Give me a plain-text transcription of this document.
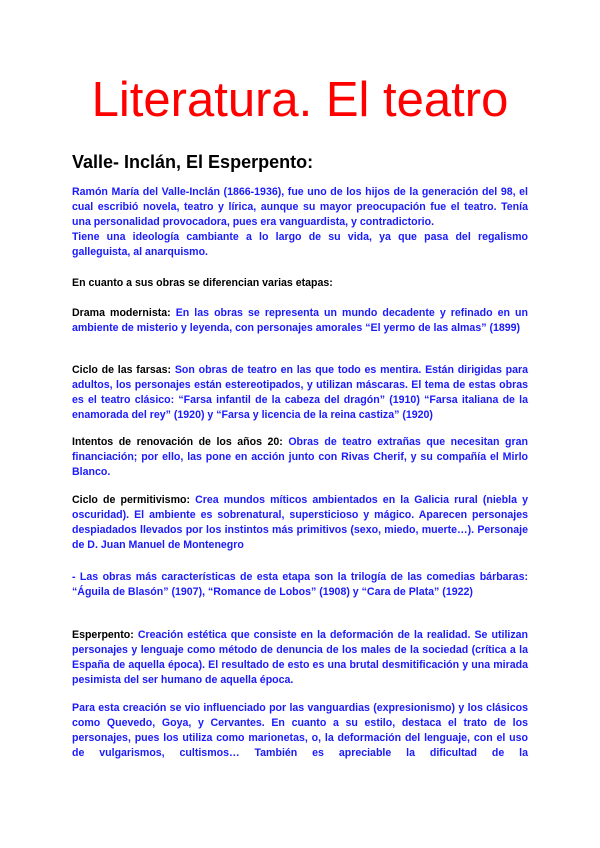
Literatura. El teatro
Valle- Inclán, El Esperpento:

Ramón María del Valle-Inclán (1866-1936), fue uno de los hijos de la generación del 98, el cual escribió novela, teatro y lírica, aunque su mayor preocupación fue el teatro. Tenía una personalidad provocadora, pues era vanguardista, y contradictorio.

Tiene una ideología cambiante a lo largo de su vida, ya que pasa del regalismo galleguista, al anarquismo.

En cuanto a sus obras se diferencian varias etapas:

Drama modernista: En las obras se representa un mundo decadente y refinado en un ambiente de misterio y leyenda, con personajes amorales “El yermo de las almas” (1899)

Ciclo de las farsas: Son obras de teatro en las que todo es mentira. Están dirigidas para adultos, los personajes están estereotipados, y utilizan máscaras. El tema de estas obras es el teatro clásico: “Farsa infantil de la cabeza del dragón” (1910) “Farsa italiana de la enamorada del rey” (1920) y “Farsa y licencia de la reina castiza” (1920)

Intentos de renovación de los años 20: Obras de teatro extrañas que necesitan gran financiación; por ello, las pone en acción junto con Rivas Cherif, y su compañía el Mirlo Blanco.

Ciclo de permitivismo: Crea mundos míticos ambientados en la Galicia rural (niebla y oscuridad). El ambiente es sobrenatural, supersticioso y mágico. Aparecen personajes despiadados llevados por los instintos más primitivos (sexo, miedo, muerte…). Personaje de D. Juan Manuel de Montenegro

- Las obras más características de esta etapa son la trilogía de las comedias bárbaras: “Águila de Blasón” (1907), “Romance de Lobos” (1908) y “Cara de Plata” (1922)

Esperpento: Creación estética que consiste en la deformación de la realidad. Se utilizan personajes y lenguaje como método de denuncia de los males de la sociedad (crítica a la España de aquella época). El resultado de esto es una brutal desmitificación y una mirada pesimista del ser humano de aquella época.

Para esta creación se vio influenciado por las vanguardias (expresionismo) y los clásicos como Quevedo, Goya, y Cervantes. En cuanto a su estilo, destaca el trato de los personajes, pues los utiliza como marionetas, o, la deformación del lenguaje, con el uso de vulgarismos, cultismos… También es apreciable la dificultad de la
